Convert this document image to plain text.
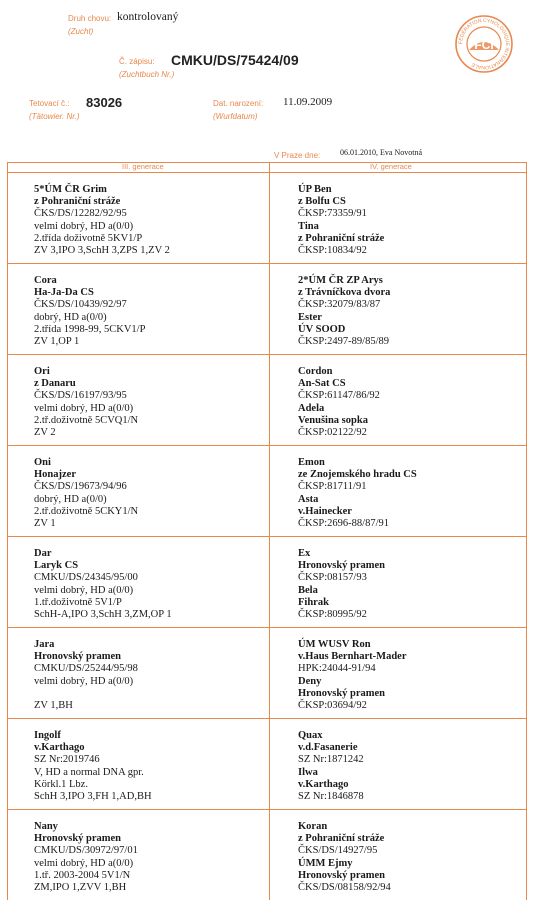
Druh chovu:
(Zucht)
kontrolovaný
Č. zápisu:
(Zuchtbuch Nr.)
CMKU/DS/75424/09
Tetovací č.:
(Tätowier. Nr.)
83026	Dat. narození:
(Wurfdatum)
11.09.2009
V Praze dne: 06.01.2010, Eva Novotná
FÉDÉRATION CYNOLOGIQUE INTERNATIONALE
FCI
III. generace	IV. generace
5*ÚM ČR Grim
z Pohraniční stráže
ČKS/DS/12282/92/95
velmi dobrý, HD a(0/0)
2.třída doživotně 5KV1/P
ZV 3,IPO 3,SchH 3,ZPS 1,ZV 2
ÚP Ben
z Bolfu CS
ČKSP:73359/91
Tina
z Pohraniční stráže
ČKSP:10834/92
Cora
Ha-Ja-Da CS
ČKS/DS/10439/92/97
dobrý, HD a(0/0)
2.třída 1998-99, 5CKV1/P
ZV 1,OP 1
2*ÚM ČR ZP Arys
z Trávníčkova dvora
ČKSP:32079/83/87
Ester
ÚV SOOD
ČKSP:2497-89/85/89
Ori
z Danaru
ČKS/DS/16197/93/95
velmi dobrý, HD a(0/0)
2.tř.doživotně 5CVQ1/N
ZV 2
Cordon
An-Sat CS
ČKSP:61147/86/92
Adela
Venušina sopka
ČKSP:02122/92
Oni
Honajzer
ČKS/DS/19673/94/96
dobrý, HD a(0/0)
2.tř.doživotně 5CKY1/N
ZV 1
Emon
ze Znojemského hradu CS
ČKSP:81711/91
Asta
v.Hainecker
ČKSP:2696-88/87/91
Dar
Laryk CS
CMKU/DS/24345/95/00
velmi dobrý, HD a(0/0)
1.tř.doživotně 5V1/P
SchH-A,IPO 3,SchH 3,ZM,OP 1
Ex
Hronovský pramen
ČKSP:08157/93
Bela
Fihrak
ČKSP:80995/92
Jara
Hronovský pramen
CMKU/DS/25244/95/98
velmi dobrý, HD a(0/0)
ZV 1,BH
ÚM WUSV Ron
v.Haus Bernhart-Mader
HPK:24044-91/94
Deny
Hronovský pramen
ČKSP:03694/92
Ingolf
v.Karthago
SZ Nr:2019746
V, HD a normal DNA gpr.
Körkl.1 Lbz.
SchH 3,IPO 3,FH 1,AD,BH
Quax
v.d.Fasanerie
SZ Nr:1871242
Ilwa
v.Karthago
SZ Nr:1846878
Nany
Hronovský pramen
CMKU/DS/30972/97/01
velmi dobrý, HD a(0/0)
1.tř. 2003-2004 5V1/N
ZM,IPO 1,ZVV 1,BH
Koran
z Pohraniční stráže
ČKS/DS/14927/95
ÚMM Ejmy
Hronovský pramen
ČKS/DS/08158/92/94
